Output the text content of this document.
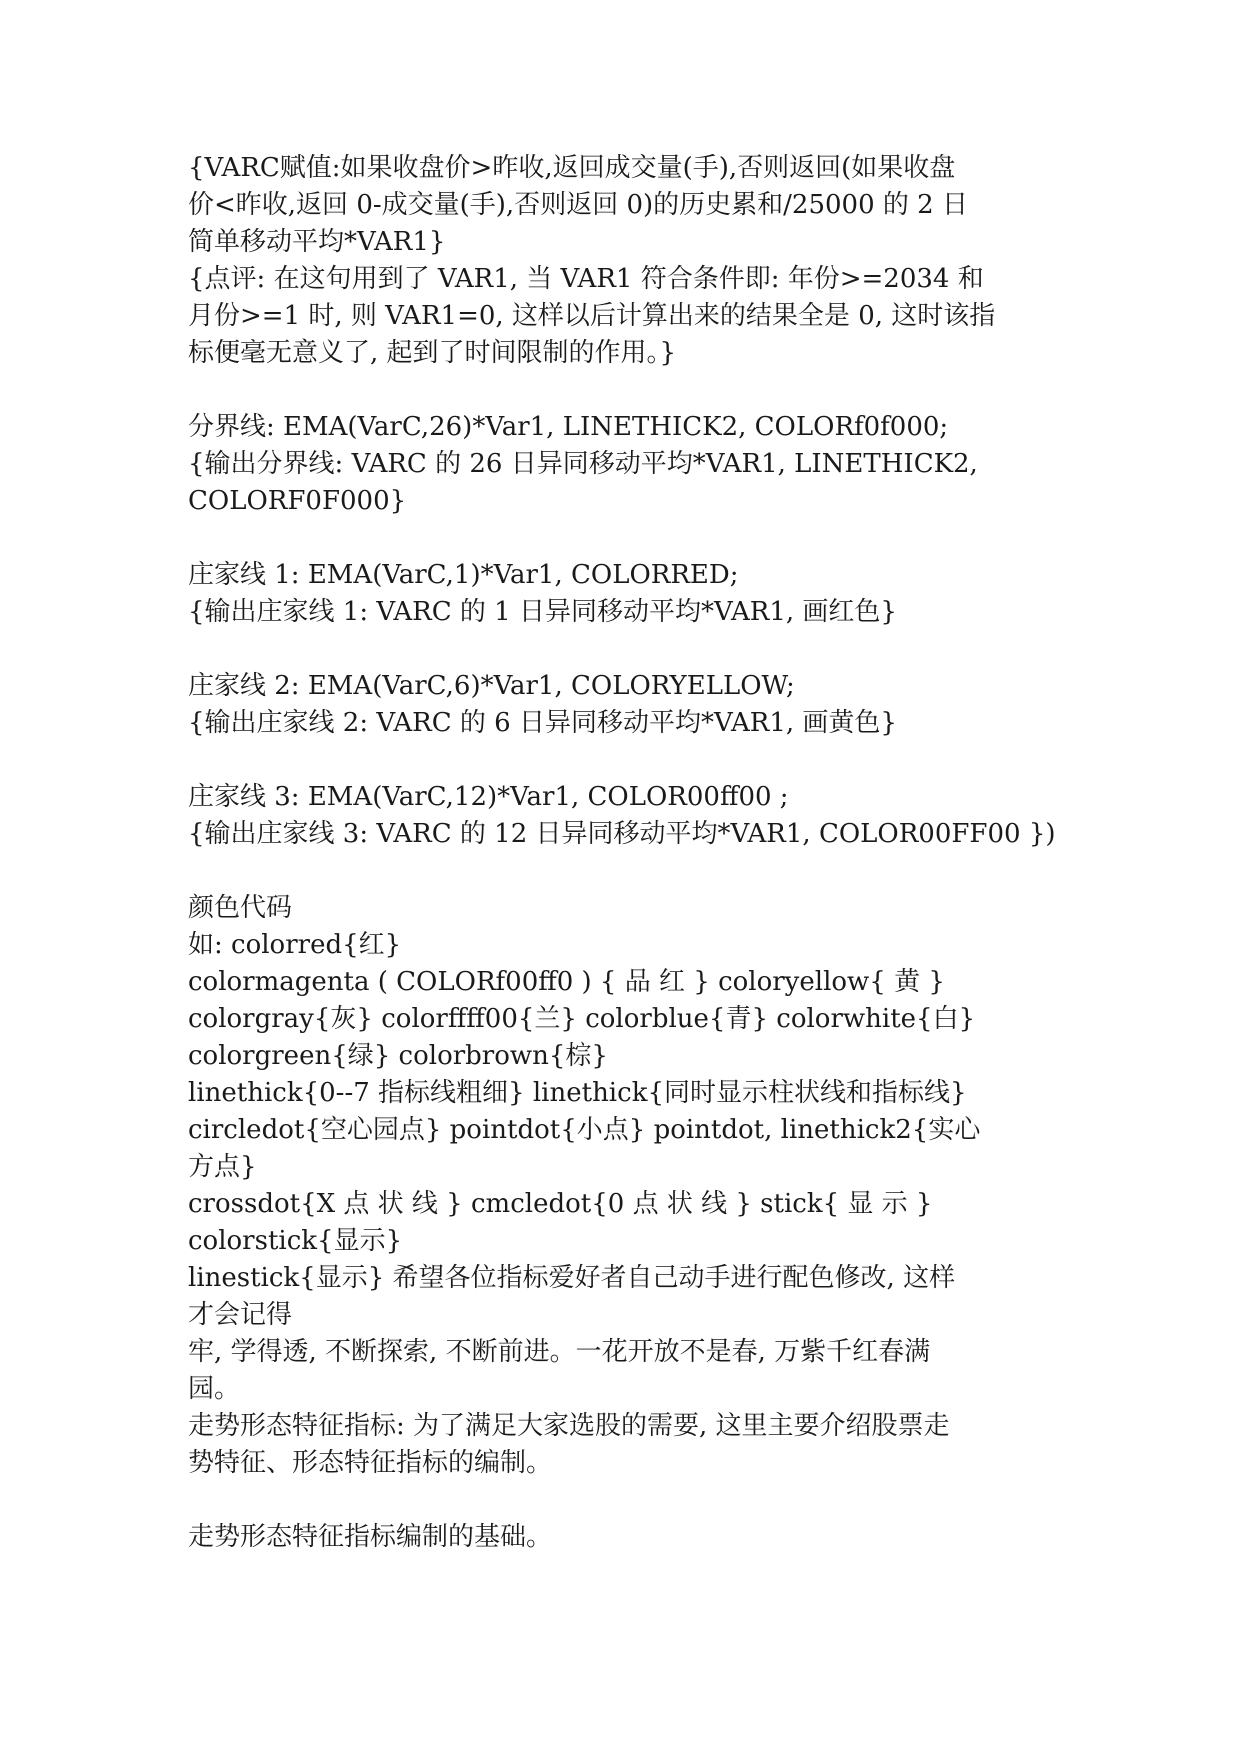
{VARC赋值:如果收盘价>昨收,返回成交量(手),否则返回(如果收盘
价<昨收,返回 0-成交量(手),否则返回 0)的历史累和/25000 的 2 日
简单移动平均*VAR1}
{点评: 在这句用到了 VAR1, 当 VAR1 符合条件即: 年份>=2034 和
月份>=1 时, 则 VAR1=0, 这样以后计算出来的结果全是 0, 这时该指
标便毫无意义了, 起到了时间限制的作用。}
分界线: EMA(VarC,26)*Var1, LINETHICK2, COLORf0f000;
{输出分界线: VARC 的 26 日异同移动平均*VAR1, LINETHICK2,
COLORF0F000}
庄家线 1: EMA(VarC,1)*Var1, COLORRED;
{输出庄家线 1: VARC 的 1 日异同移动平均*VAR1, 画红色}
庄家线 2: EMA(VarC,6)*Var1, COLORYELLOW;
{输出庄家线 2: VARC 的 6 日异同移动平均*VAR1, 画黄色}
庄家线 3: EMA(VarC,12)*Var1, COLOR00ff00 ;
{输出庄家线 3: VARC 的 12 日异同移动平均*VAR1, COLOR00FF00 })
颜色代码
如: colorred{红}
colormagenta ( COLORf00ff0 ) { 品 红 } coloryellow{ 黄 }
colorgray{灰} colorffff00{兰} colorblue{青} colorwhite{白}
colorgreen{绿} colorbrown{棕}
linethick{0--7 指标线粗细} linethick{同时显示柱状线和指标线}
circledot{空心园点} pointdot{小点} pointdot, linethick2{实心
方点}
crossdot{X 点 状 线 } cmcledot{0 点 状 线 } stick{ 显 示 }
colorstick{显示}
linestick{显示} 希望各位指标爱好者自己动手进行配色修改, 这样
才会记得
牢, 学得透, 不断探索, 不断前进。一花开放不是春, 万紫千红春满
园。
走势形态特征指标: 为了满足大家选股的需要, 这里主要介绍股票走
势特征、形态特征指标的编制。
走势形态特征指标编制的基础。
